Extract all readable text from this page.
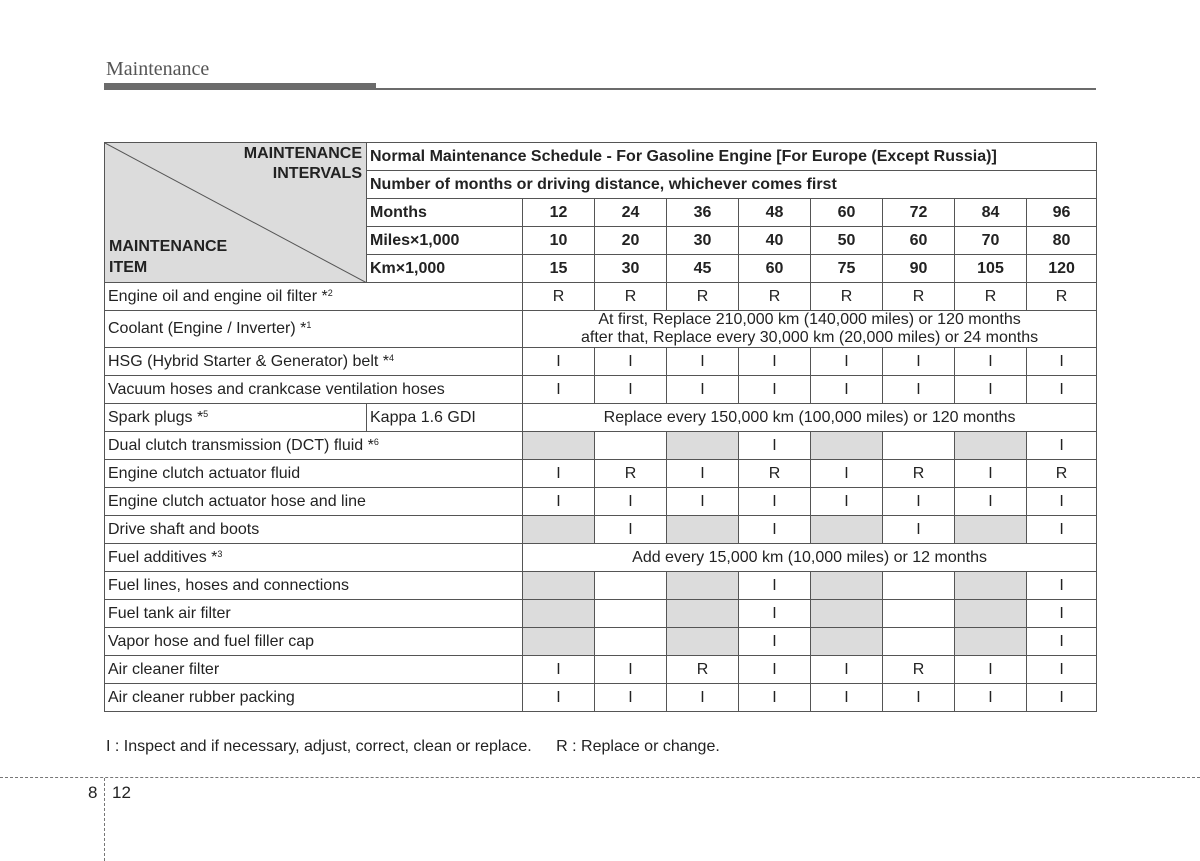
Maintenance
MAINTENANCE
INTERVALS
MAINTENANCE
ITEM	Normal Maintenance Schedule - For Gasoline Engine [For Europe (Except Russia)]								
	Number of months or driving distance, whichever comes first								
	Months	12	24	36	48	60	72	84	96
	Miles×1,000	10	20	30	40	50	60	70	80
	Km×1,000	15	30	45	60	75	90	105	120
Engine oil and engine oil filter *$^2$		R	R	R	R	R	R	R	R
Coolant (Engine / Inverter) *$^1$		At first, Replace 210,000 km (140,000 miles) or 120 months
after that, Replace every 30,000 km (20,000 miles) or 24 months							

HSG (Hybrid Starter & Generator) belt *$^4$		I	I	I	I	I	I	I	I
Vacuum hoses and crankcase ventilation hoses		I	I	I	I	I	I	I	I
Spark plugs *$^5$	Kappa 1.6 GDI	Replace every 150,000 km (100,000 miles) or 120 months							
Dual clutch transmission (DCT) fluid *$^6$					I				I
Engine clutch actuator fluid		I	R	I	R	I	R	I	R
Engine clutch actuator hose and line		I	I	I	I	I	I	I	I
Drive shaft and boots			I		I		I		I
Fuel additives *$^3$		Add every 15,000 km (10,000 miles) or 12 months							
Fuel lines, hoses and connections					I				I
Fuel tank air filter					I				I
Vapor hose and fuel filler cap					I				I
Air cleaner filter		I	I	R	I	I	R	I	I
Air cleaner rubber packing		I	I	I	I	I	I	I	I
I : Inspect and if necessary, adjust, correct, clean or replace. R : Replace or change.
8 12
